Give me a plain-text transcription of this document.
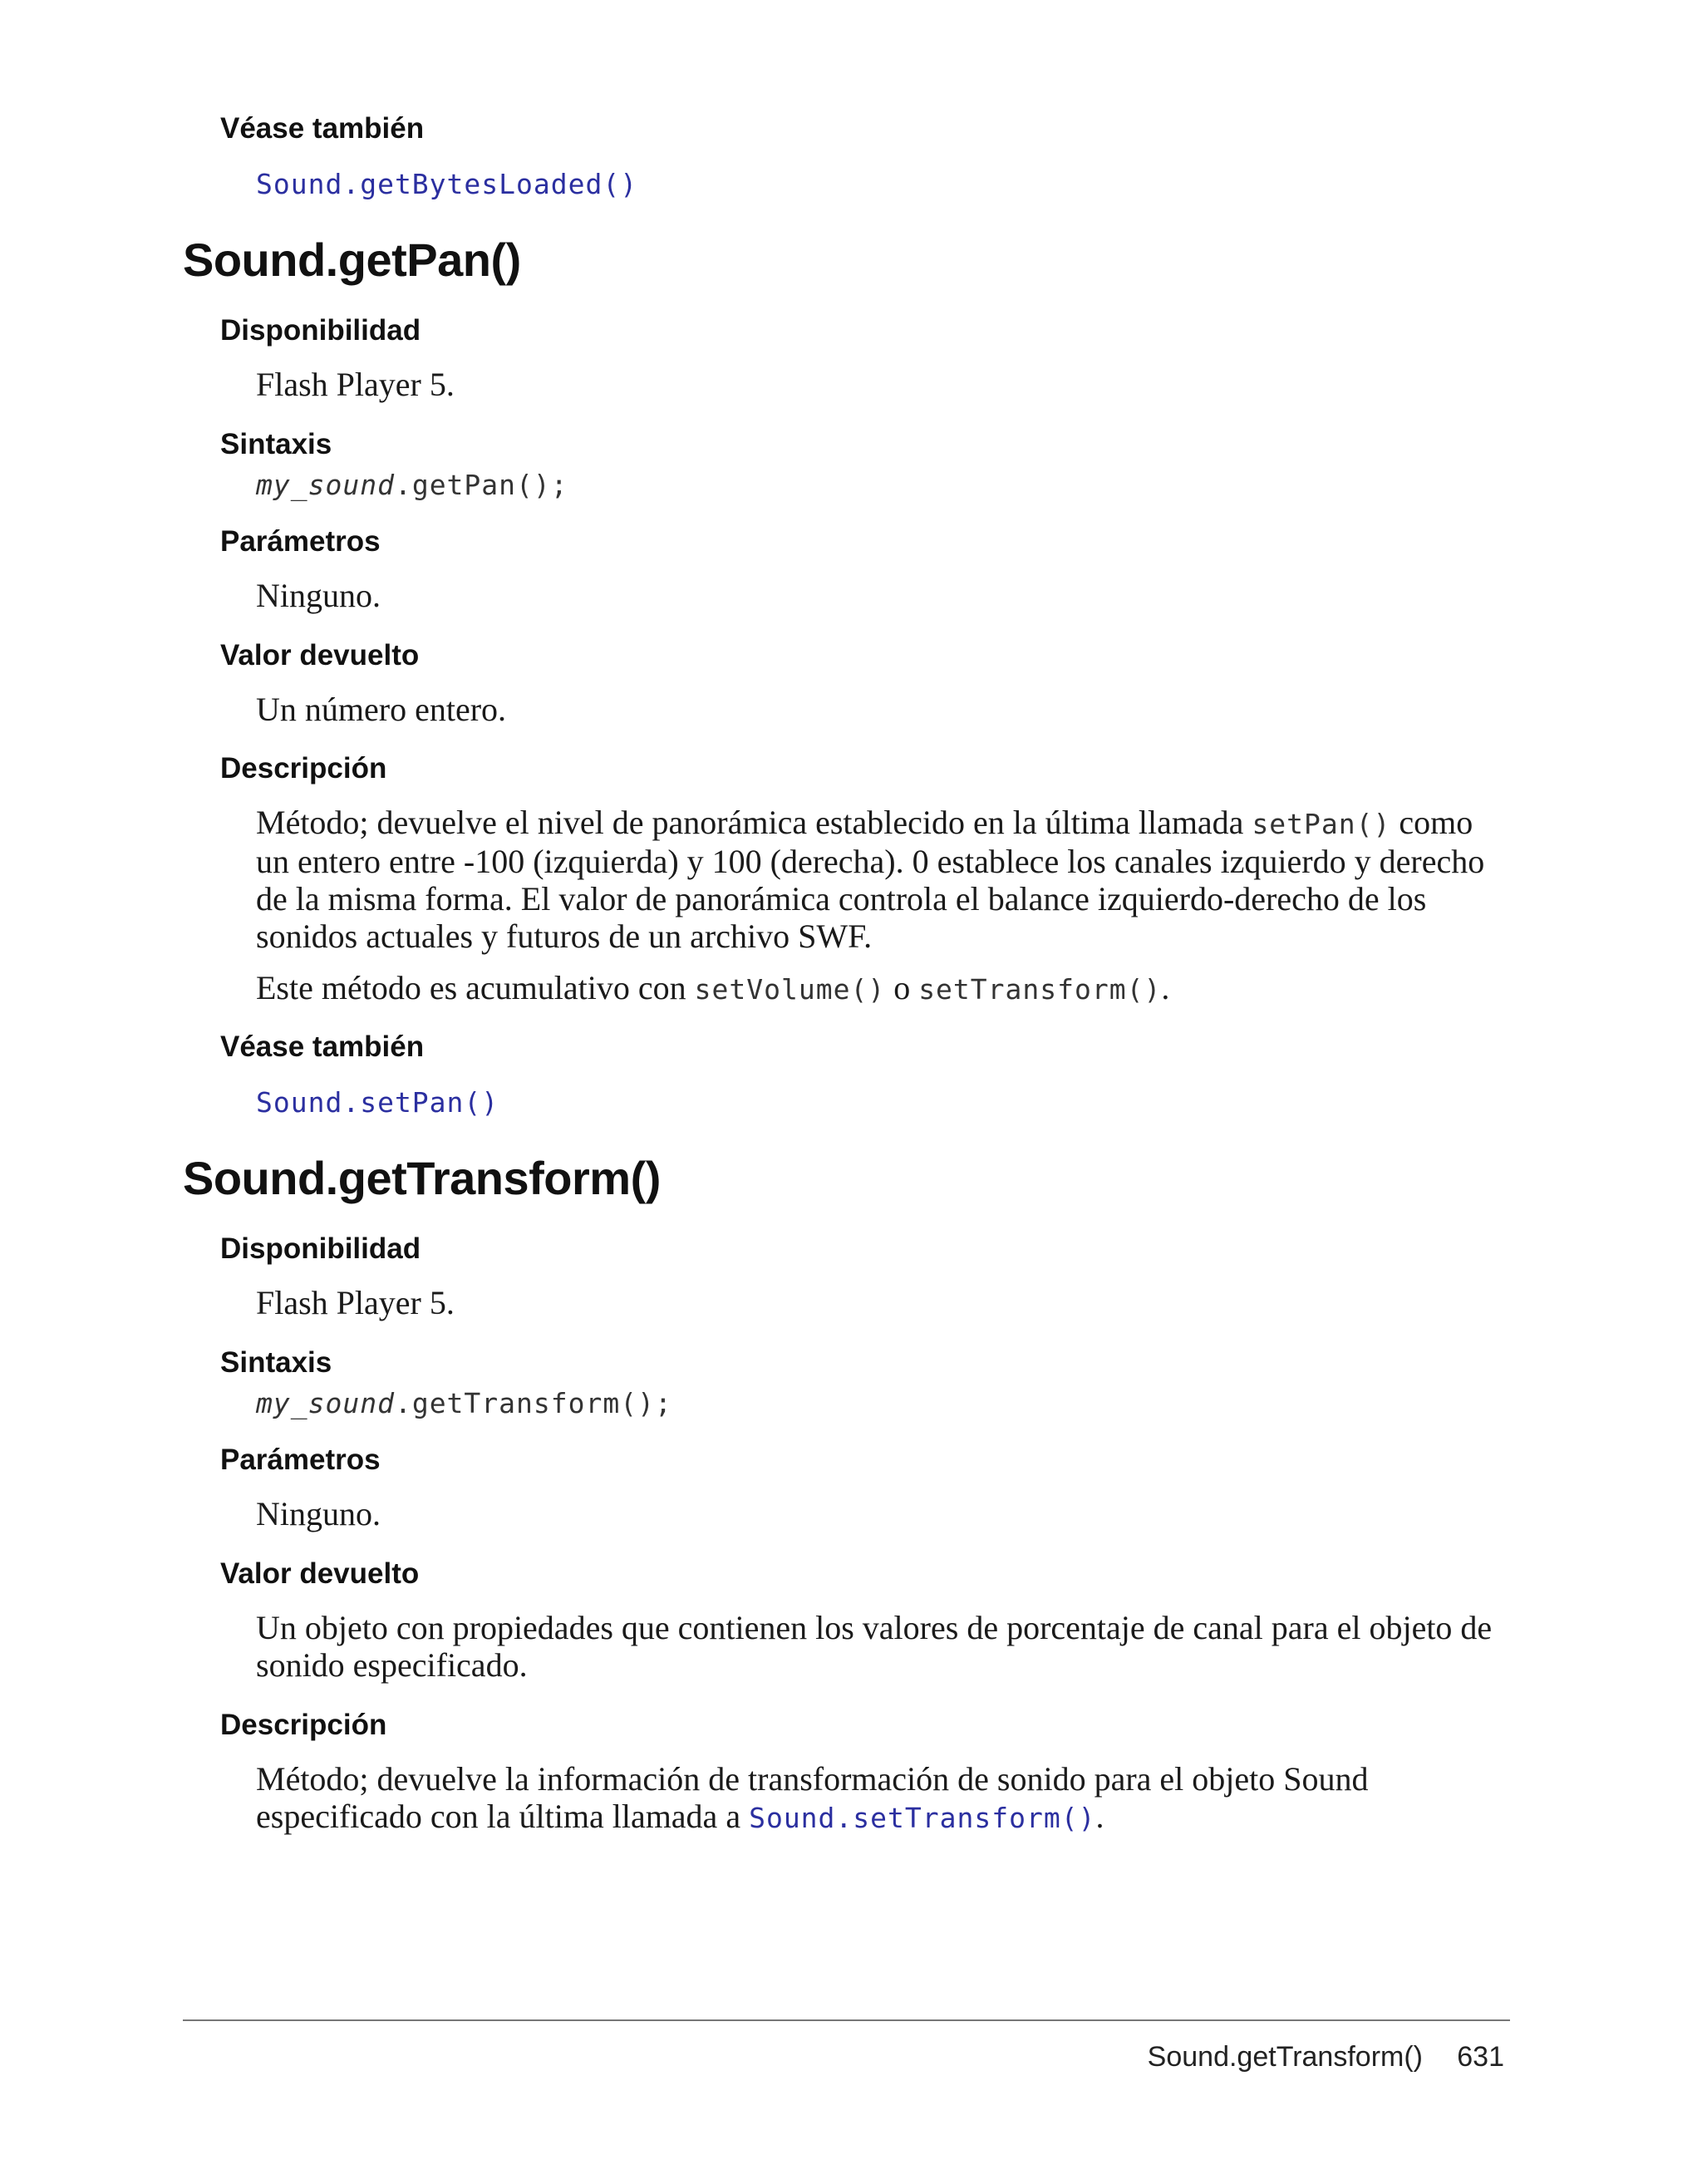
Véase también
Sound.getBytesLoaded()
Sound.getPan()
Disponibilidad

Flash Player 5.

Sintaxis
my_sound.getPan();
Parámetros

Ninguno.

Valor devuelto

Un número entero.

Descripción

Método; devuelve el nivel de panorámica establecido en la última llamada setPan() como un entero entre -100 (izquierda) y 100 (derecha). 0 establece los canales izquierdo y derecho de la misma forma. El valor de panorámica controla el balance izquierdo-derecho de los sonidos actuales y futuros de un archivo SWF.

Este método es acumulativo con setVolume() o setTransform().

Véase también
Sound.setPan()
Sound.getTransform()
Disponibilidad

Flash Player 5.

Sintaxis
my_sound.getTransform();
Parámetros

Ninguno.

Valor devuelto

Un objeto con propiedades que contienen los valores de porcentaje de canal para el objeto de sonido especificado.

Descripción

Método; devuelve la información de transformación de sonido para el objeto Sound especificado con la última llamada a Sound.setTransform().

Sound.getTransform() 631
